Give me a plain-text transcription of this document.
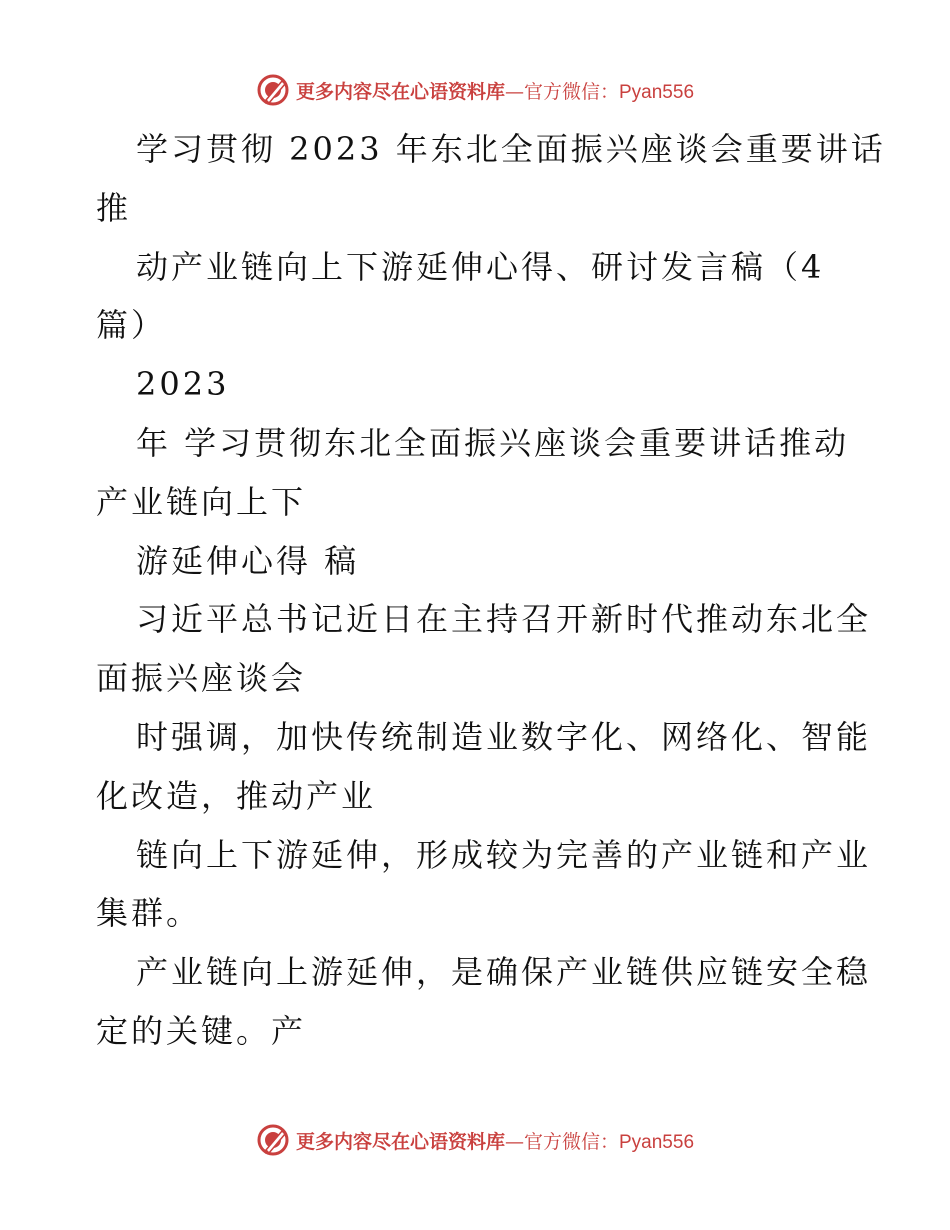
更多内容尽在心语资料库—官方微信：Pyan556
学习贯彻 2023 年东北全面振兴座谈会重要讲话
推
动产业链向上下游延伸心得、研讨发言稿（4
篇）
2023
年 学习贯彻东北全面振兴座谈会重要讲话推动
产业链向上下
游延伸心得 稿
习近平总书记近日在主持召开新时代推动东北全
面振兴座谈会
时强调，加快传统制造业数字化、网络化、智能
化改造，推动产业
链向上下游延伸，形成较为完善的产业链和产业
集群。
产业链向上游延伸，是确保产业链供应链安全稳
定的关键。产
更多内容尽在心语资料库—官方微信：Pyan556
